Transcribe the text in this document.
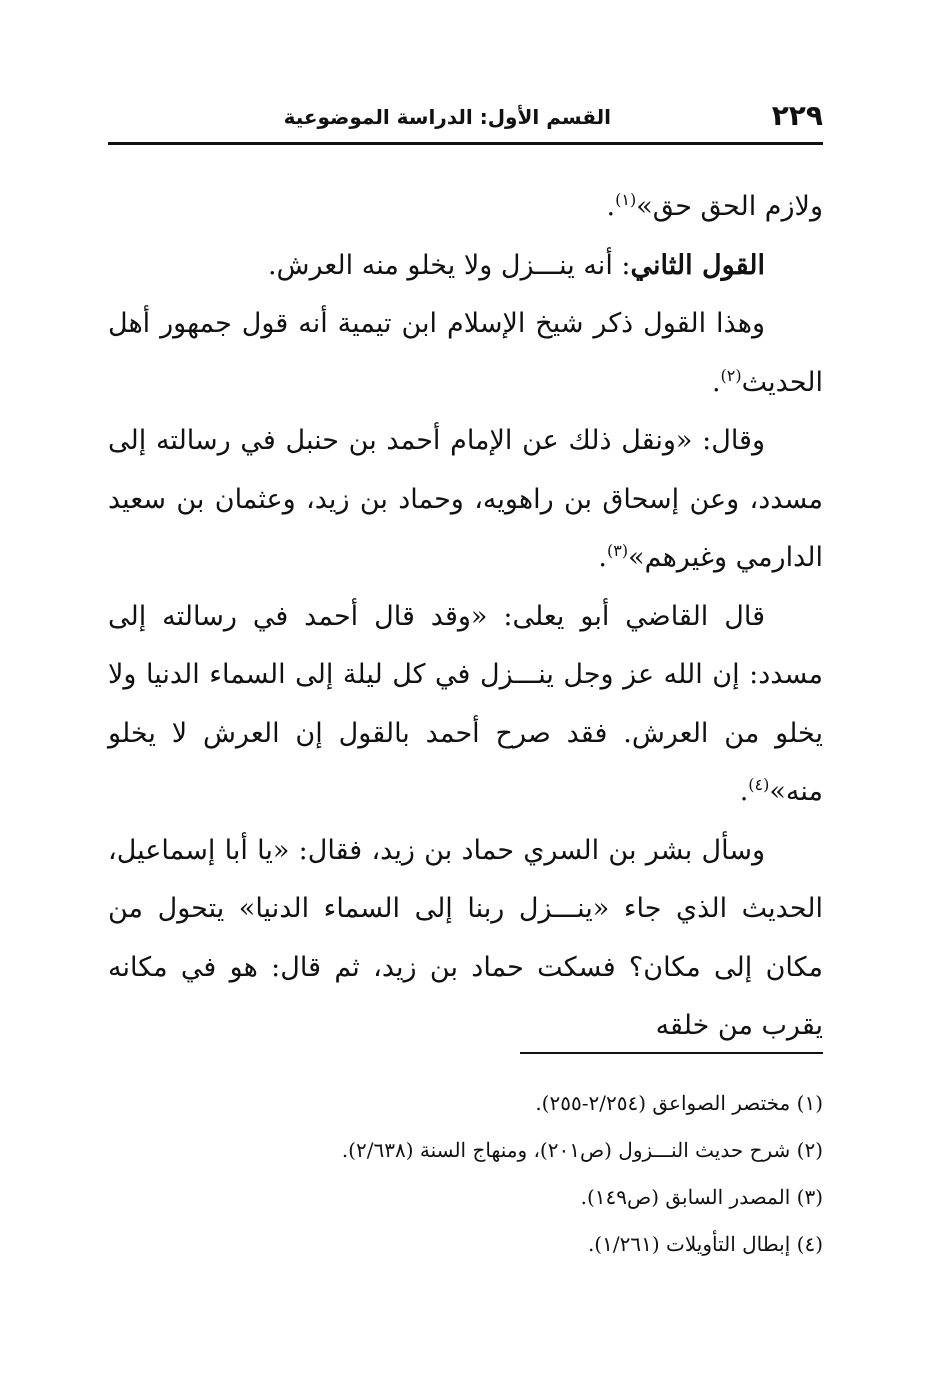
٢٢٩
القسم الأول: الدراسة الموضوعية

ولازم الحق حق»$^{(١)}$.

القول الثاني: أنه ينـــزل ولا يخلو منه العرش.

وهذا القول ذكر شيخ الإسلام ابن تيمية أنه قول جمهور أهل الحديث$^{(٢)}$.

وقال: «ونقل ذلك عن الإمام أحمد بن حنبل في رسالته إلى مسدد، وعن إسحاق بن راهويه، وحماد بن زيد، وعثمان بن سعيد الدارمي وغيرهم»$^{(٣)}$.

قال القاضي أبو يعلى: «وقد قال أحمد في رسالته إلى مسدد: إن الله عز وجل ينـــزل في كل ليلة إلى السماء الدنيا ولا يخلو من العرش. فقد صرح أحمد بالقول إن العرش لا يخلو منه»$^{(٤)}$.

وسأل بشر بن السري حماد بن زيد، فقال: «يا أبا إسماعيل، الحديث الذي جاء «ينـــزل ربنا إلى السماء الدنيا» يتحول من مكان إلى مكان؟ فسكت حماد بن زيد، ثم قال: هو في مكانه يقرب من خلقه

(١) مختصر الصواعق (٢/٢٥٤-٢٥٥).

(٢) شرح حديث النـــزول (ص٢٠١)، ومنهاج السنة (٢/٦٣٨).

(٣) المصدر السابق (ص١٤٩).

(٤) إبطال التأويلات (١/٢٦١).
